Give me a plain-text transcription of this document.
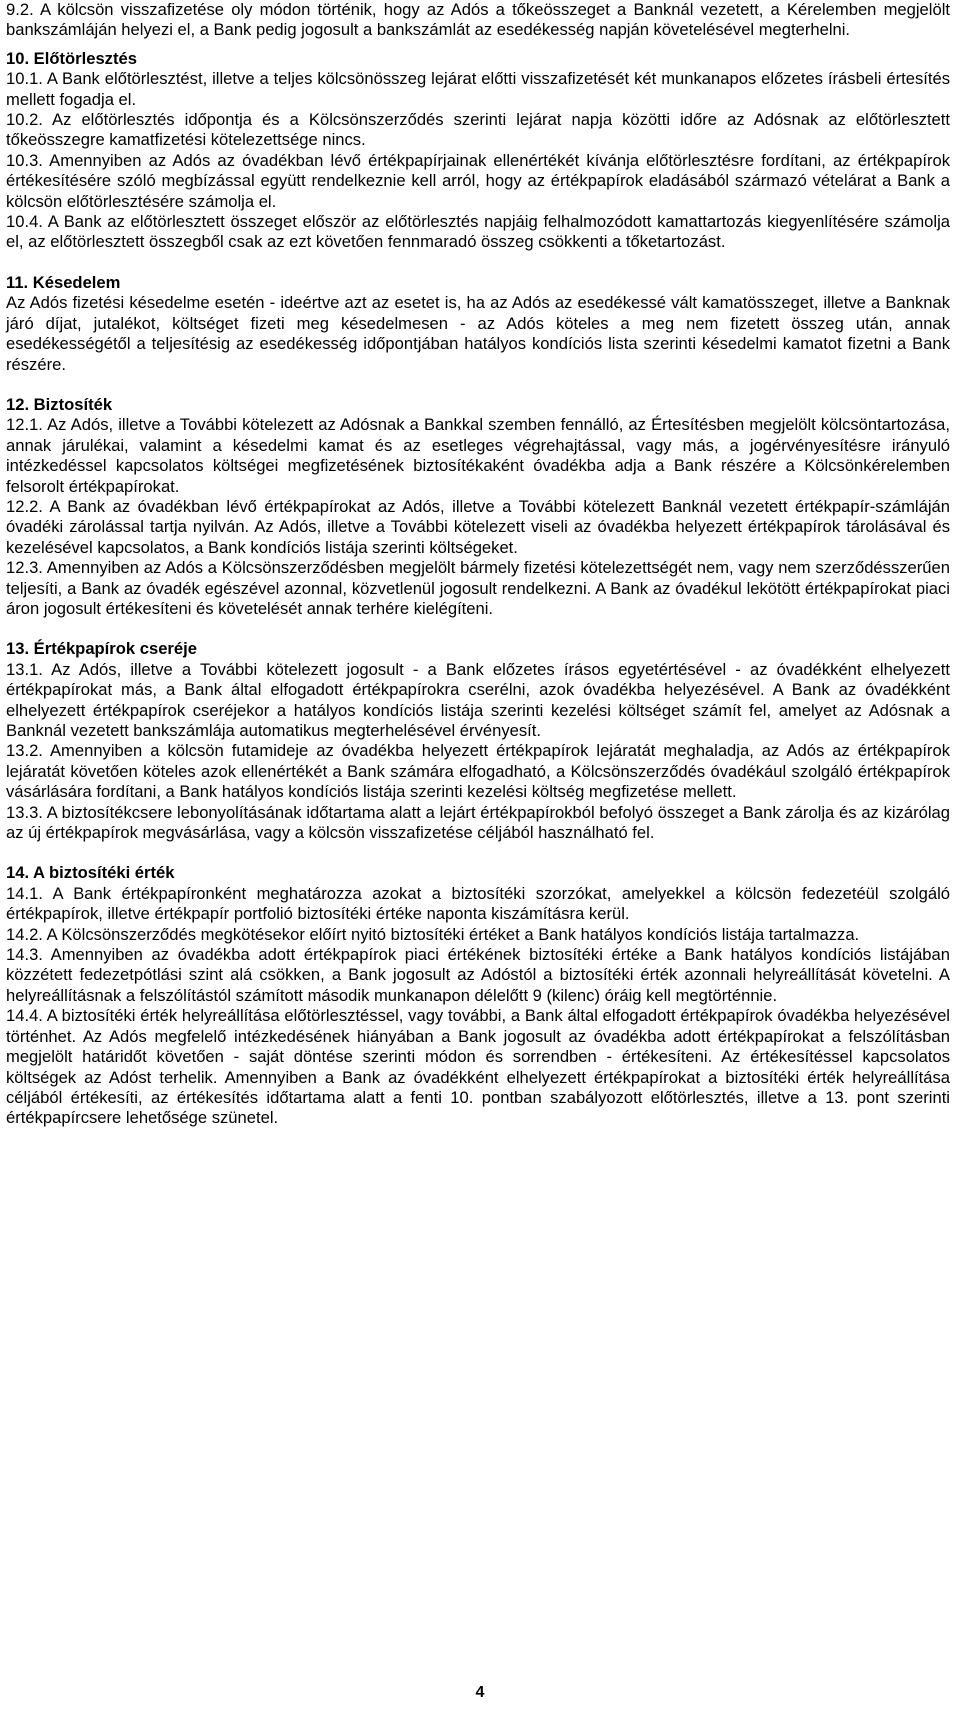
9.2. A kölcsön visszafizetése oly módon történik, hogy az Adós a tőkeösszeget a Banknál vezetett, a Kérelemben megjelölt bankszámláján helyezi el, a Bank pedig jogosult a bankszámlát az esedékesség napján követelésével megterhelni.

10. Előtörlesztés

10.1. A Bank előtörlesztést, illetve a teljes kölcsönösszeg lejárat előtti visszafizetését két munkanapos előzetes írásbeli értesítés mellett fogadja el.

10.2. Az előtörlesztés időpontja és a Kölcsönszerződés szerinti lejárat napja közötti időre az Adósnak az előtörlesztett tőkeösszegre kamatfizetési kötelezettsége nincs.

10.3. Amennyiben az Adós az óvadékban lévő értékpapírjainak ellenértékét kívánja előtörlesztésre fordítani, az értékpapírok értékesítésére szóló megbízással együtt rendelkeznie kell arról, hogy az értékpapírok eladásából származó vételárat a Bank a kölcsön előtörlesztésére számolja el.

10.4. A Bank az előtörlesztett összeget először az előtörlesztés napjáig felhalmozódott kamattartozás kiegyenlítésére számolja el, az előtörlesztett összegből csak az ezt követően fennmaradó összeg csökkenti a tőketartozást.

11. Késedelem

Az Adós fizetési késedelme esetén - ideértve azt az esetet is, ha az Adós az esedékessé vált kamatösszeget, illetve a Banknak járó díjat, jutalékot, költséget fizeti meg késedelmesen - az Adós köteles a meg nem fizetett összeg után, annak esedékességétől a teljesítésig az esedékesség időpontjában hatályos kondíciós lista szerinti késedelmi kamatot fizetni a Bank részére.

12. Biztosíték

12.1. Az Adós, illetve a További kötelezett az Adósnak a Bankkal szemben fennálló, az Értesítésben megjelölt kölcsöntartozása, annak járulékai, valamint a késedelmi kamat és az esetleges végrehajtással, vagy más, a jogérvényesítésre irányuló intézkedéssel kapcsolatos költségei megfizetésének biztosítékaként óvadékba adja a Bank részére a Kölcsönkérelemben felsorolt értékpapírokat.

12.2. A Bank az óvadékban lévő értékpapírokat az Adós, illetve a További kötelezett Banknál vezetett értékpapír-számláján óvadéki zárolással tartja nyilván. Az Adós, illetve a További kötelezett viseli az óvadékba helyezett értékpapírok tárolásával és kezelésével kapcsolatos, a Bank kondíciós listája szerinti költségeket.

12.3. Amennyiben az Adós a Kölcsönszerződésben megjelölt bármely fizetési kötelezettségét nem, vagy nem szerződésszerűen teljesíti, a Bank az óvadék egészével azonnal, közvetlenül jogosult rendelkezni. A Bank az óvadékul lekötött értékpapírokat piaci áron jogosult értékesíteni és követelését annak terhére kielégíteni.

13. Értékpapírok cseréje

13.1. Az Adós, illetve a További kötelezett jogosult - a Bank előzetes írásos egyetértésével - az óvadékként elhelyezett értékpapírokat más, a Bank által elfogadott értékpapírokra cserélni, azok óvadékba helyezésével. A Bank az óvadékként elhelyezett értékpapírok cseréjekor a hatályos kondíciós listája szerinti kezelési költséget számít fel, amelyet az Adósnak a Banknál vezetett bankszámlája automatikus megterhelésével érvényesít.

13.2. Amennyiben a kölcsön futamideje az óvadékba helyezett értékpapírok lejáratát meghaladja, az Adós az értékpapírok lejáratát követően köteles azok ellenértékét a Bank számára elfogadható, a Kölcsönszerződés óvadékául szolgáló értékpapírok vásárlására fordítani, a Bank hatályos kondíciós listája szerinti kezelési költség megfizetése mellett.

13.3. A biztosítékcsere lebonyolításának időtartama alatt a lejárt értékpapírokból befolyó összeget a Bank zárolja és az kizárólag az új értékpapírok megvásárlása, vagy a kölcsön visszafizetése céljából használható fel.

14. A biztosítéki érték

14.1. A Bank értékpapíronként meghatározza azokat a biztosítéki szorzókat, amelyekkel a kölcsön fedezetéül szolgáló értékpapírok, illetve értékpapír portfolió biztosítéki értéke naponta kiszámításra kerül.

14.2. A Kölcsönszerződés megkötésekor előírt nyitó biztosítéki értéket a Bank hatályos kondíciós listája tartalmazza.

14.3. Amennyiben az óvadékba adott értékpapírok piaci értékének biztosítéki értéke a Bank hatályos kondíciós listájában közzétett fedezetpótlási szint alá csökken, a Bank jogosult az Adóstól a biztosítéki érték azonnali helyreállítását követelni. A helyreállításnak a felszólítástól számított második munkanapon délelőtt 9 (kilenc) óráig kell megtörténnie.

14.4. A biztosítéki érték helyreállítása előtörlesztéssel, vagy további, a Bank által elfogadott értékpapírok óvadékba helyezésével történhet. Az Adós megfelelő intézkedésének hiányában a Bank jogosult az óvadékba adott értékpapírokat a felszólításban megjelölt határidőt követően - saját döntése szerinti módon és sorrendben - értékesíteni. Az értékesítéssel kapcsolatos költségek az Adóst terhelik. Amennyiben a Bank az óvadékként elhelyezett értékpapírokat a biztosítéki érték helyreállítása céljából értékesíti, az értékesítés időtartama alatt a fenti 10. pontban szabályozott előtörlesztés, illetve a 13. pont szerinti értékpapírcsere lehetősége szünetel.

4
